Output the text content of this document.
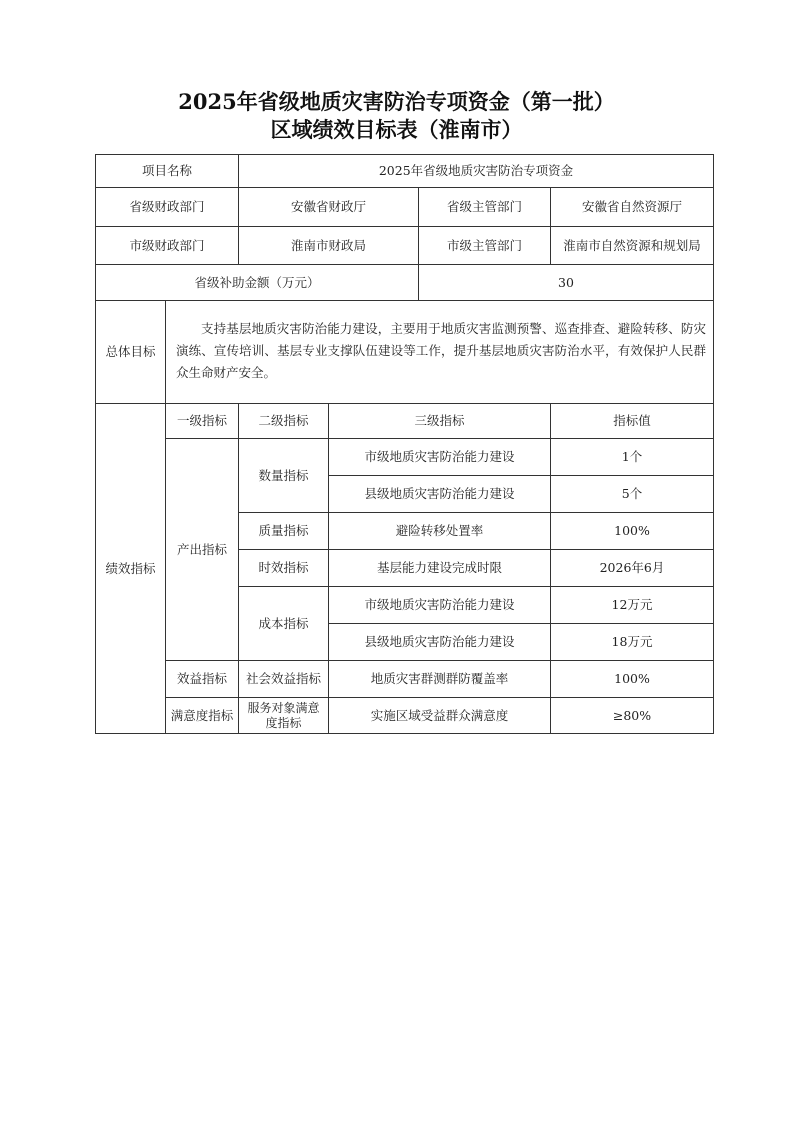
2025年省级地质灾害防治专项资金（第一批）
区域绩效目标表（淮南市）
项目名称	2025年省级地质灾害防治专项资金
省级财政部门	安徽省财政厅	省级主管部门	安徽省自然资源厅
市级财政部门	淮南市财政局	市级主管部门	淮南市自然资源和规划局
省级补助金额（万元）	30
总体目标
支持基层地质灾害防治能力建设，主要用于地质灾害监测预警、巡查排查、避险转移、防灾演练、宣传培训、基层专业支撑队伍建设等工作，提升基层地质灾害防治水平，有效保护人民群众生命财产安全。
绩效指标
一级指标	二级指标	三级指标	指标值
产出指标
数量指标
市级地质灾害防治能力建设	1个
县级地质灾害防治能力建设	5个
质量指标	避险转移处置率	100%
时效指标	基层能力建设完成时限	2026年6月
成本指标
市级地质灾害防治能力建设	12万元
县级地质灾害防治能力建设	18万元
效益指标	社会效益指标	地质灾害群测群防覆盖率	100%
满意度指标	服务对象满意度指标	实施区域受益群众满意度	≥80%
